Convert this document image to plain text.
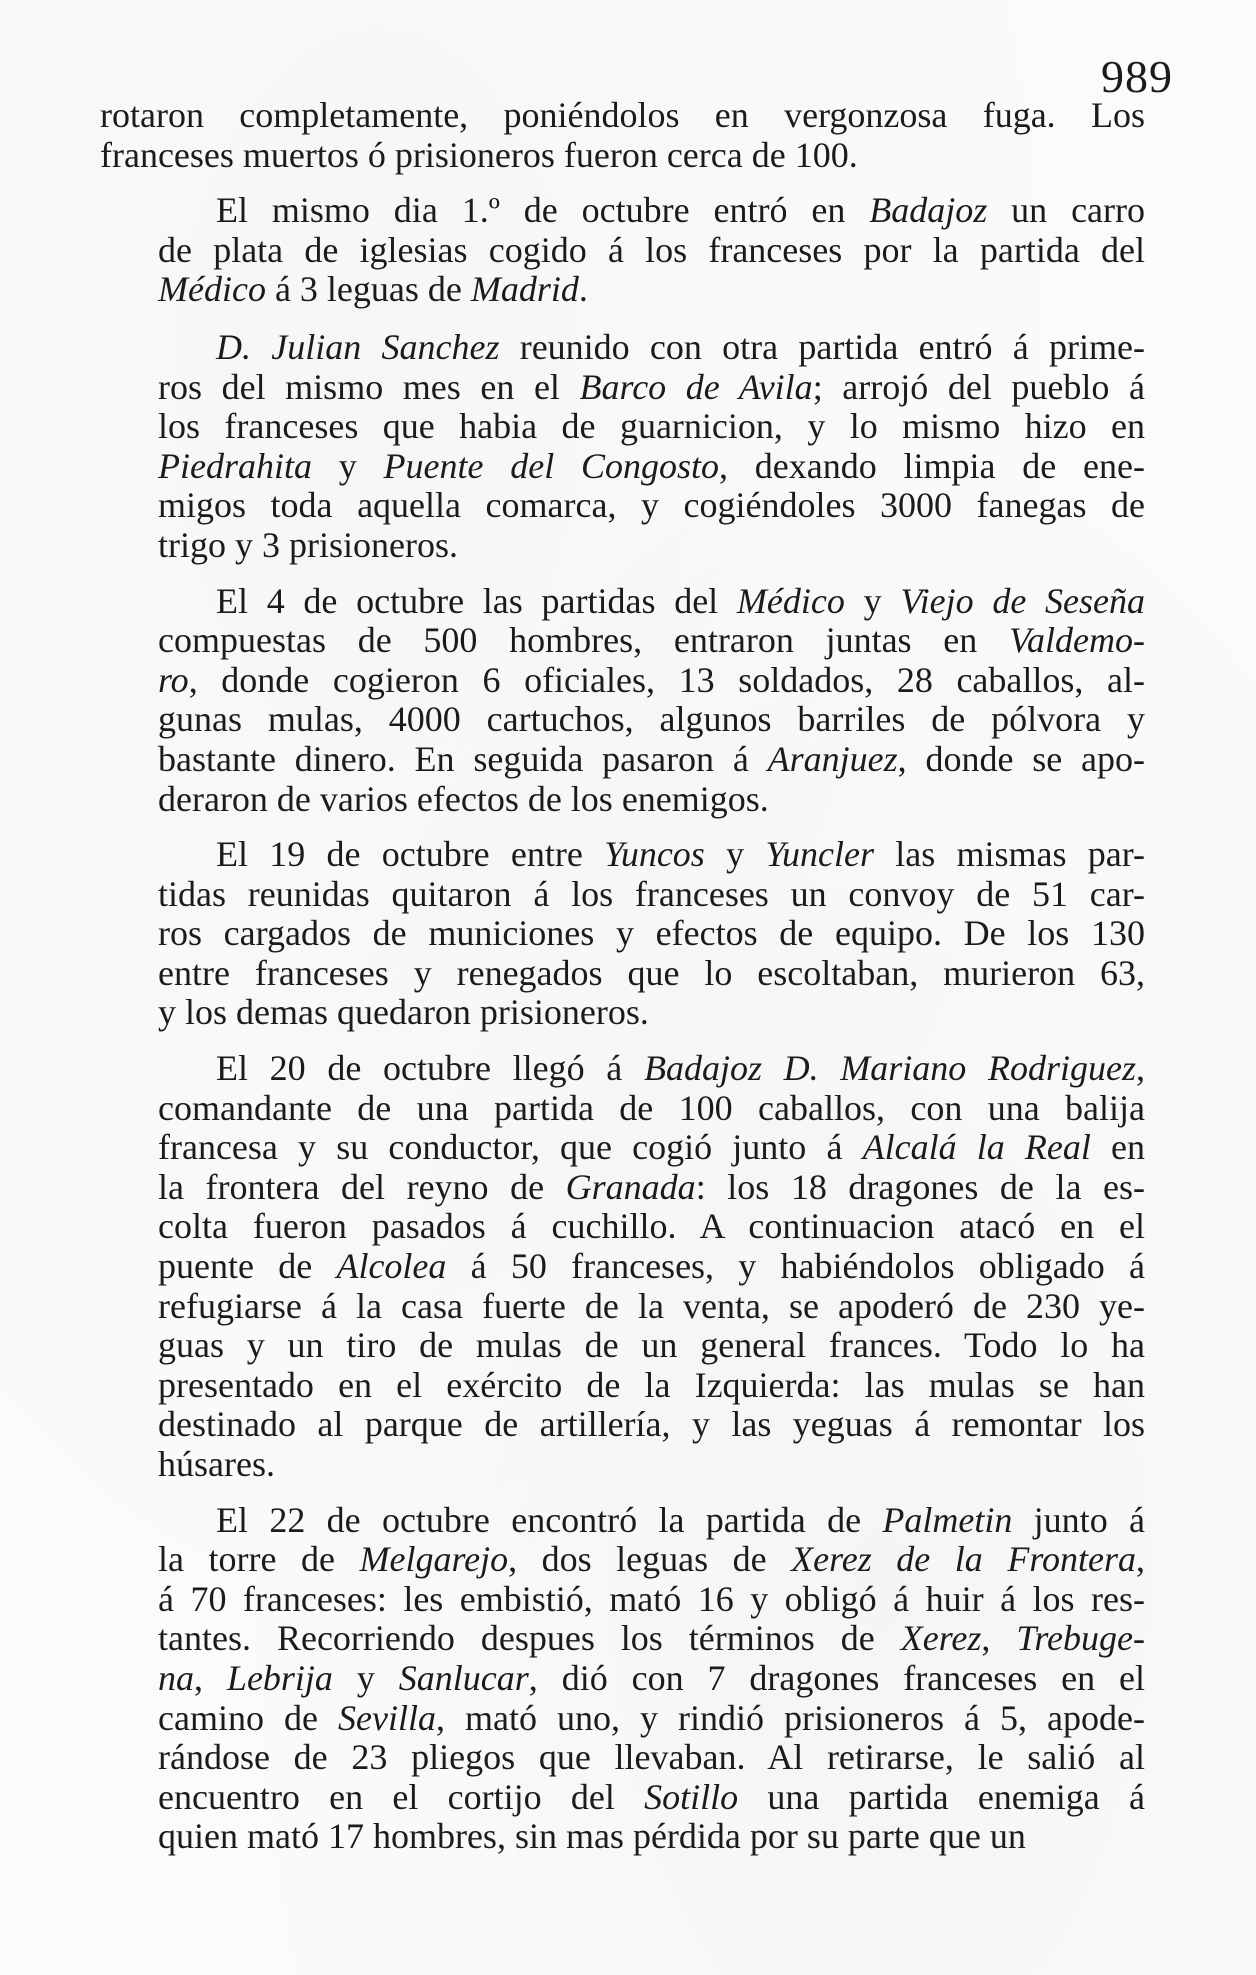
989

rotaron completamente, poniéndolos en vergonzosa fuga. Los
franceses muertos ó prisioneros fueron cerca de 100.

El mismo dia 1.º de octubre entró en Badajoz un carro
de plata de iglesias cogido á los franceses por la partida del
Médico á 3 leguas de Madrid.

D. Julian Sanchez reunido con otra partida entró á prime-
ros del mismo mes en el Barco de Avila; arrojó del pueblo á
los franceses que habia de guarnicion, y lo mismo hizo en
Piedrahita y Puente del Congosto, dexando limpia de ene-
migos toda aquella comarca, y cogiéndoles 3000 fanegas de
trigo y 3 prisioneros.

El 4 de octubre las partidas del Médico y Viejo de Seseña
compuestas de 500 hombres, entraron juntas en Valdemo-
ro, donde cogieron 6 oficiales, 13 soldados, 28 caballos, al-
gunas mulas, 4000 cartuchos, algunos barriles de pólvora y
bastante dinero. En seguida pasaron á Aranjuez, donde se apo-
deraron de varios efectos de los enemigos.

El 19 de octubre entre Yuncos y Yuncler las mismas par-
tidas reunidas quitaron á los franceses un convoy de 51 car-
ros cargados de municiones y efectos de equipo. De los 130
entre franceses y renegados que lo escoltaban, murieron 63,
y los demas quedaron prisioneros.

El 20 de octubre llegó á Badajoz D. Mariano Rodriguez,
comandante de una partida de 100 caballos, con una balija
francesa y su conductor, que cogió junto á Alcalá la Real en
la frontera del reyno de Granada: los 18 dragones de la es-
colta fueron pasados á cuchillo. A continuacion atacó en el
puente de Alcolea á 50 franceses, y habiéndolos obligado á
refugiarse á la casa fuerte de la venta, se apoderó de 230 ye-
guas y un tiro de mulas de un general frances. Todo lo ha
presentado en el exército de la Izquierda: las mulas se han
destinado al parque de artillería, y las yeguas á remontar los
húsares.

El 22 de octubre encontró la partida de Palmetin junto á
la torre de Melgarejo, dos leguas de Xerez de la Frontera,
á 70 franceses: les embistió, mató 16 y obligó á huir á los res-
tantes. Recorriendo despues los términos de Xerez, Trebuge-
na, Lebrija y Sanlucar, dió con 7 dragones franceses en el
camino de Sevilla, mató uno, y rindió prisioneros á 5, apode-
rándose de 23 pliegos que llevaban. Al retirarse, le salió al
encuentro en el cortijo del Sotillo una partida enemiga á
quien mató 17 hombres, sin mas pérdida por su parte que un
